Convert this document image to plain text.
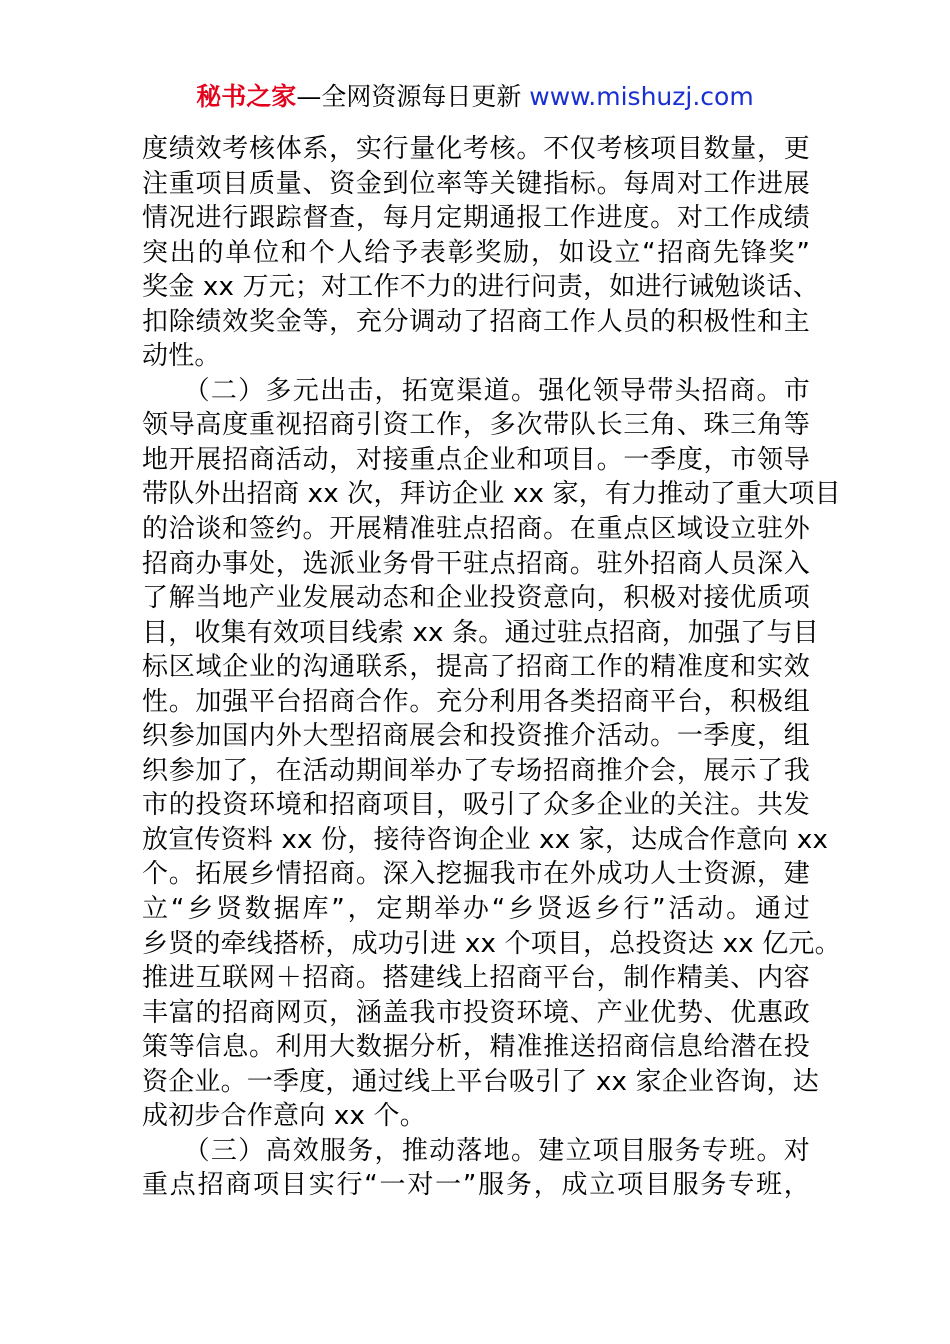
秘书之家—全网资源每日更新 www.mishuzj.com
度绩效考核体系，实行量化考核。不仅考核项目数量，更
注重项目质量、资金到位率等关键指标。每周对工作进展
情况进行跟踪督查，每月定期通报工作进度。对工作成绩
突出的单位和个人给予表彰奖励，如设立“招商先锋奖”
奖金 xx 万元；对工作不力的进行问责，如进行诫勉谈话、
扣除绩效奖金等，充分调动了招商工作人员的积极性和主
动性。
　　（二）多元出击，拓宽渠道。强化领导带头招商。市
领导高度重视招商引资工作，多次带队长三角、珠三角等
地开展招商活动，对接重点企业和项目。一季度，市领导
带队外出招商 xx 次，拜访企业 xx 家，有力推动了重大项目
的洽谈和签约。开展精准驻点招商。在重点区域设立驻外
招商办事处，选派业务骨干驻点招商。驻外招商人员深入
了解当地产业发展动态和企业投资意向，积极对接优质项
目，收集有效项目线索 xx 条。通过驻点招商，加强了与目
标区域企业的沟通联系，提高了招商工作的精准度和实效
性。加强平台招商合作。充分利用各类招商平台，积极组
织参加国内外大型招商展会和投资推介活动。一季度，组
织参加了，在活动期间举办了专场招商推介会，展示了我
市的投资环境和招商项目，吸引了众多企业的关注。共发
放宣传资料 xx 份，接待咨询企业 xx 家，达成合作意向 xx
个。拓展乡情招商。深入挖掘我市在外成功人士资源，建
立“乡贤数据库”，定期举办“乡贤返乡行”活动。通过
乡贤的牵线搭桥，成功引进 xx 个项目，总投资达 xx 亿元。
推进互联网＋招商。搭建线上招商平台，制作精美、内容
丰富的招商网页，涵盖我市投资环境、产业优势、优惠政
策等信息。利用大数据分析，精准推送招商信息给潜在投
资企业。一季度，通过线上平台吸引了 xx 家企业咨询，达
成初步合作意向 xx 个。
　　（三）高效服务，推动落地。建立项目服务专班。对
重点招商项目实行“一对一”服务，成立项目服务专班，
